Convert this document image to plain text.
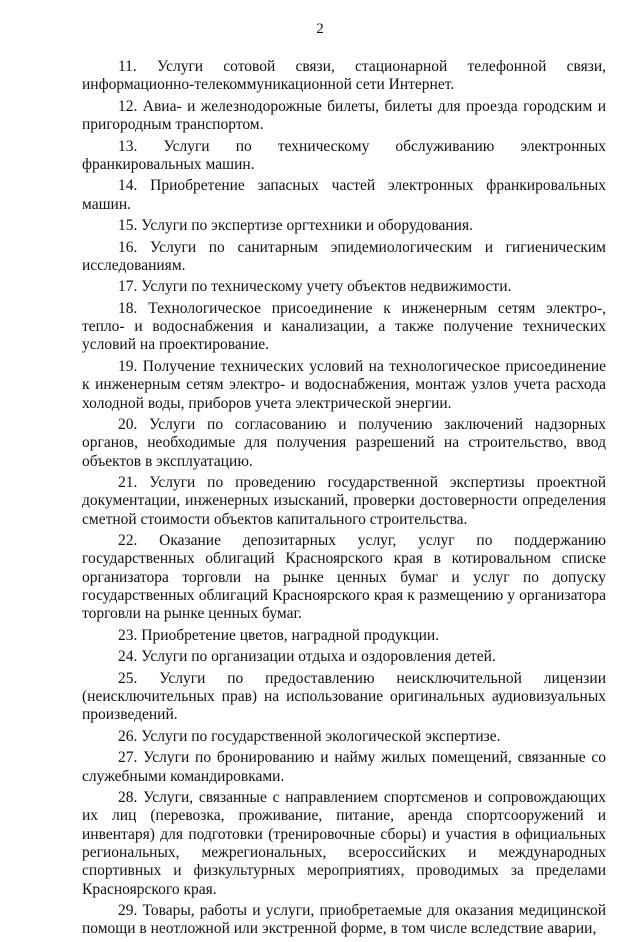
2

11. Услуги сотовой связи, стационарной телефонной связи, информационно-телекоммуникационной сети Интернет.

12. Авиа- и железнодорожные билеты, билеты для проезда городским и пригородным транспортом.

13. Услуги по техническому обслуживанию электронных франкировальных машин.

14. Приобретение запасных частей электронных франкировальных машин.

15. Услуги по экспертизе оргтехники и оборудования.

16. Услуги по санитарным эпидемиологическим и гигиеническим исследованиям.

17. Услуги по техническому учету объектов недвижимости.

18. Технологическое присоединение к инженерным сетям электро-, тепло- и водоснабжения и канализации, а также получение технических условий на проектирование.

19. Получение технических условий на технологическое присоединение к инженерным сетям электро- и водоснабжения, монтаж узлов учета расхода холодной воды, приборов учета электрической энергии.

20. Услуги по согласованию и получению заключений надзорных органов, необходимые для получения разрешений на строительство, ввод объектов в эксплуатацию.

21. Услуги по проведению государственной экспертизы проектной документации, инженерных изысканий, проверки достоверности определения сметной стоимости объектов капитального строительства.

22. Оказание депозитарных услуг, услуг по поддержанию государственных облигаций Красноярского края в котировальном списке организатора торговли на рынке ценных бумаг и услуг по допуску государственных облигаций Красноярского края к размещению у организатора торговли на рынке ценных бумаг.

23. Приобретение цветов, наградной продукции.

24. Услуги по организации отдыха и оздоровления детей.

25. Услуги по предоставлению неисключительной лицензии (неисключительных прав) на использование оригинальных аудиовизуальных произведений.

26. Услуги по государственной экологической экспертизе.

27. Услуги по бронированию и найму жилых помещений, связанные со служебными командировками.

28. Услуги, связанные с направлением спортсменов и сопровождающих их лиц (перевозка, проживание, питание, аренда спортсооружений и инвентаря) для подготовки (тренировочные сборы) и участия в официальных региональных, межрегиональных, всероссийских и международных спортивных и физкультурных мероприятиях, проводимых за пределами Красноярского края.

29. Товары, работы и услуги, приобретаемые для оказания медицинской помощи в неотложной или экстренной форме, в том числе вследствие аварии,
